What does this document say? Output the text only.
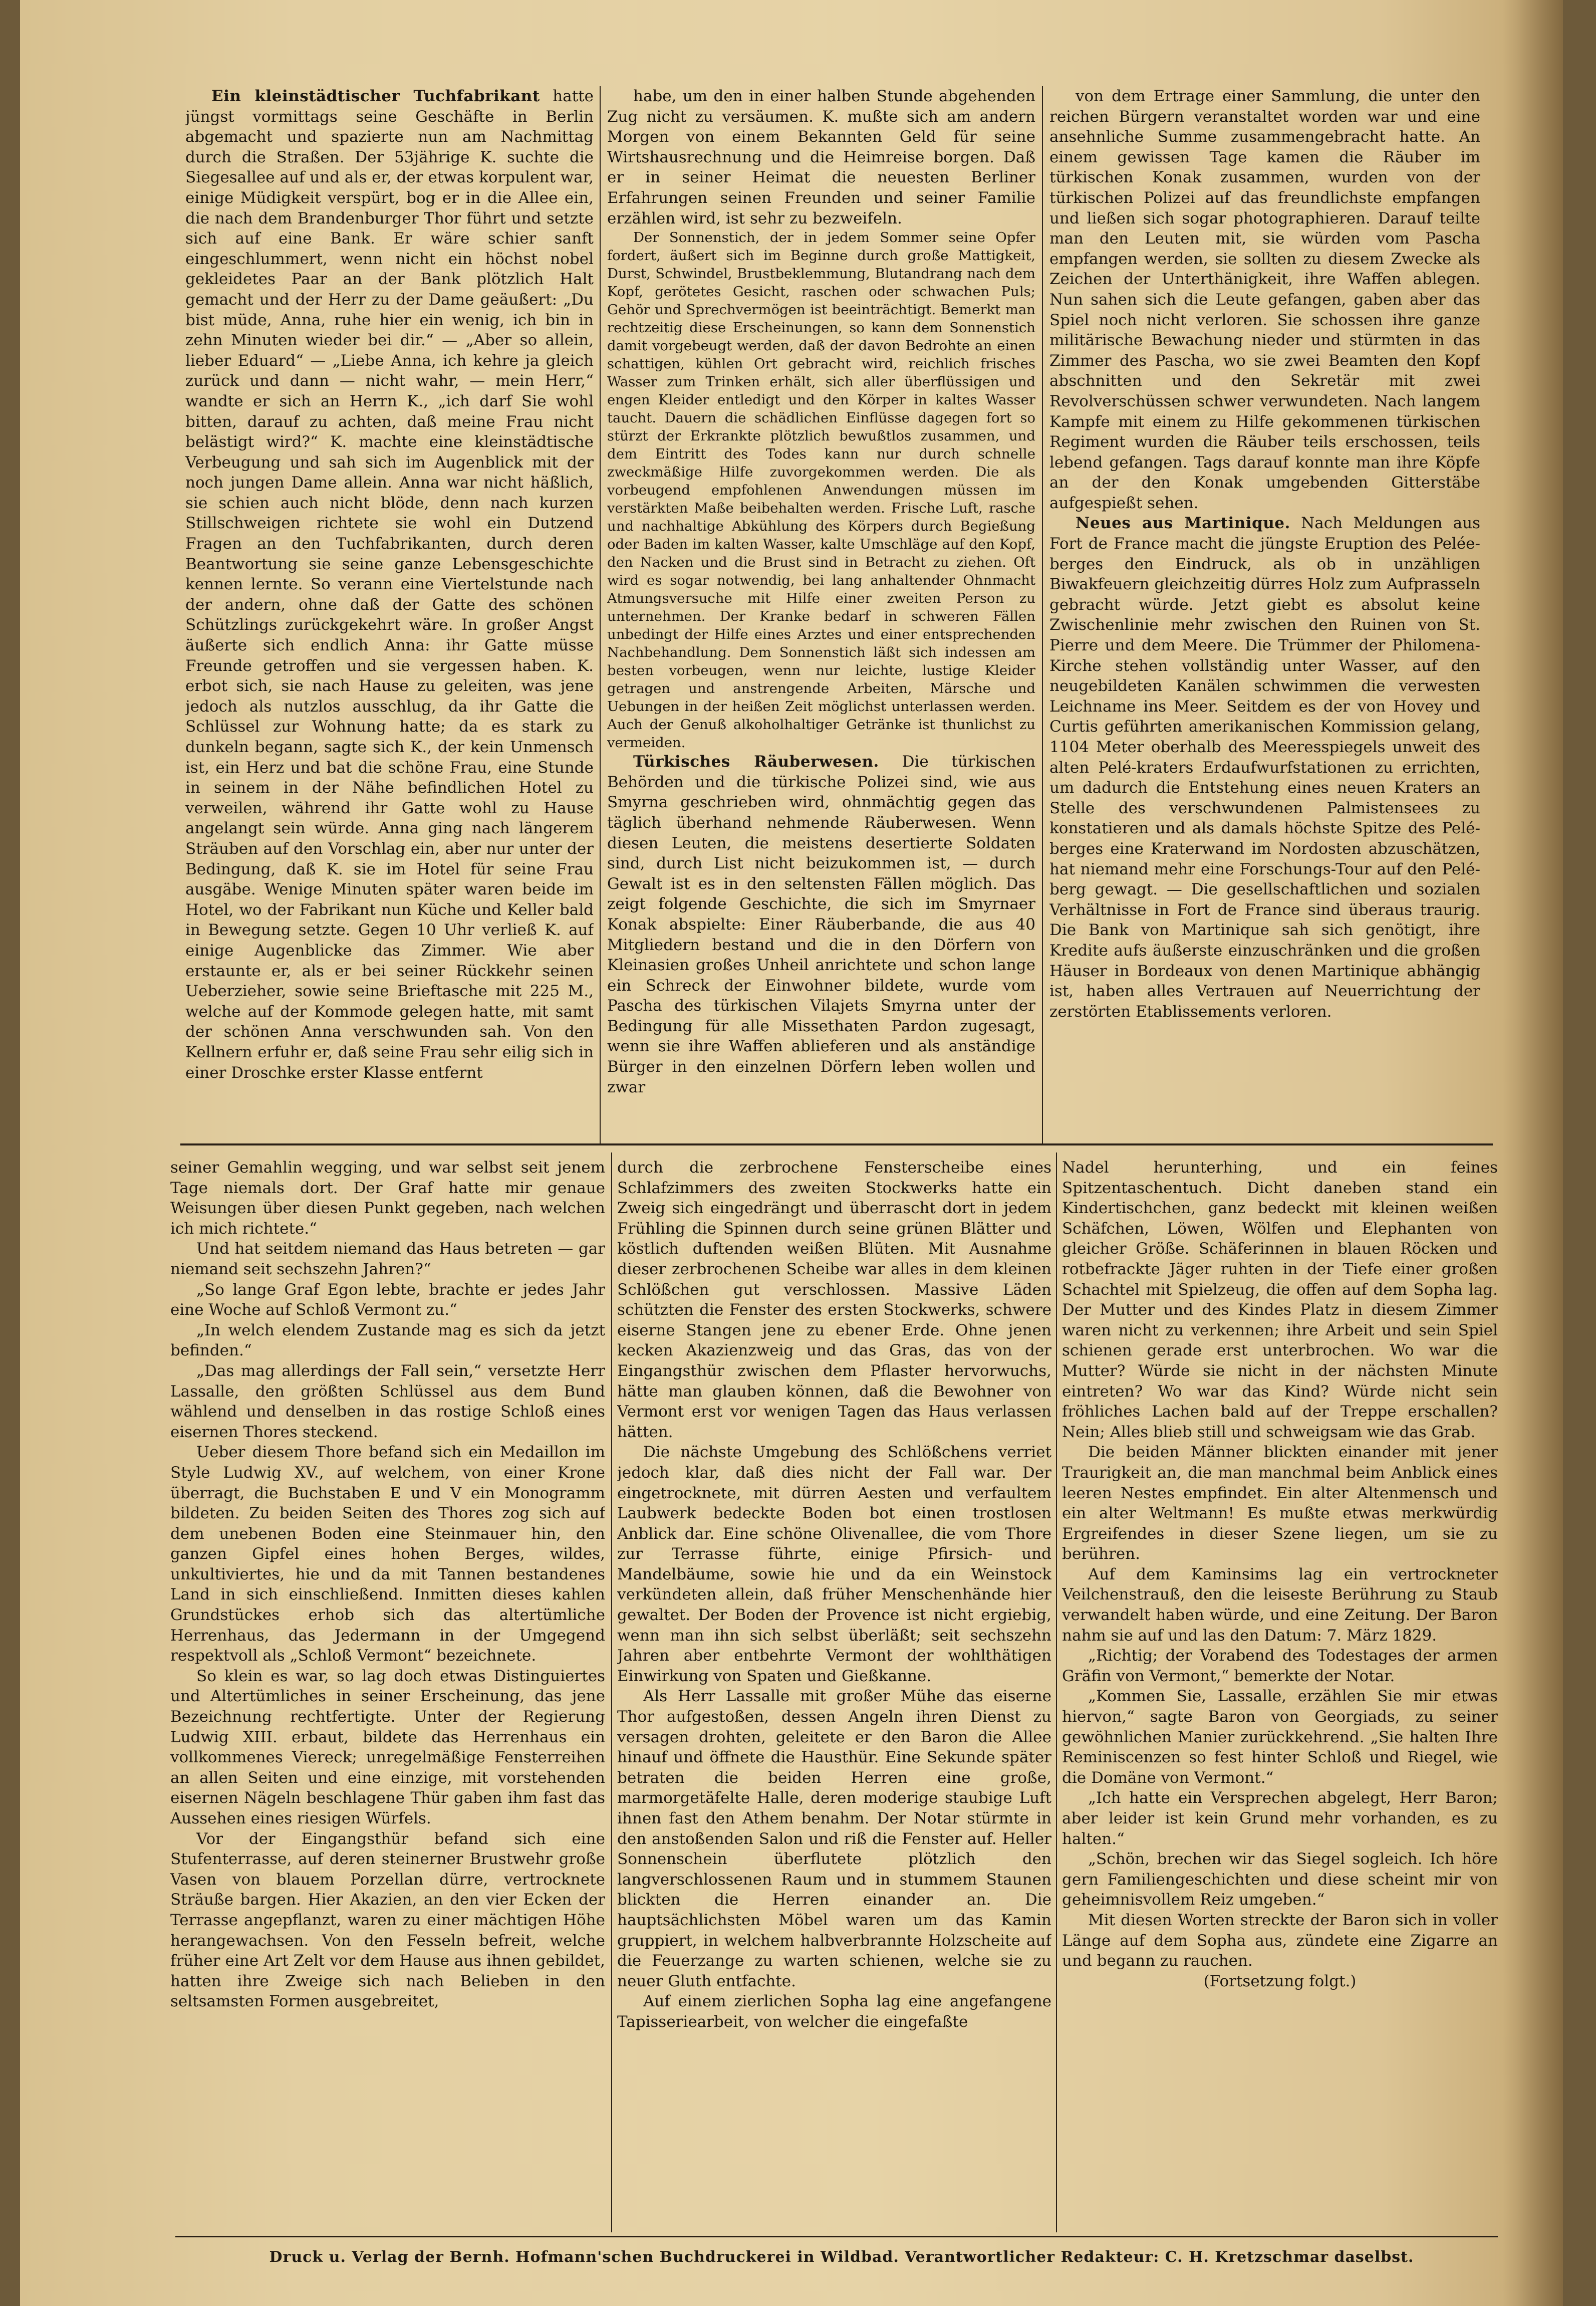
Ein kleinstädtischer Tuchfabrikant hatte jüngst vormittags seine Geschäfte in Berlin abgemacht und spazierte nun am Nachmittag durch die Straßen. Der 53jährige K. suchte die Siegesallee auf und als er, der etwas korpulent war, einige Müdigkeit verspürt, bog er in die Allee ein, die nach dem Brandenburger Thor führt und setzte sich auf eine Bank. Er wäre schier sanft eingeschlummert, wenn nicht ein höchst nobel gekleidetes Paar an der Bank plötzlich Halt gemacht und der Herr zu der Dame geäußert: „Du bist müde, Anna, ruhe hier ein wenig, ich bin in zehn Minuten wieder bei dir.“ — „Aber so allein, lieber Eduard“ — „Liebe Anna, ich kehre ja gleich zurück und dann — nicht wahr, — mein Herr,“ wandte er sich an Herrn K., „ich darf Sie wohl bitten, darauf zu achten, daß meine Frau nicht belästigt wird?“ K. machte eine kleinstädtische Verbeugung und sah sich im Augenblick mit der noch jungen Dame allein. Anna war nicht häßlich, sie schien auch nicht blöde, denn nach kurzen Stillschweigen richtete sie wohl ein Dutzend Fragen an den Tuchfabrikanten, durch deren Beantwortung sie seine ganze Lebensgeschichte kennen lernte. So verann eine Viertelstunde nach der andern, ohne daß der Gatte des schönen Schützlings zurückgekehrt wäre. In großer Angst äußerte sich endlich Anna: ihr Gatte müsse Freunde getroffen und sie vergessen haben. K. erbot sich, sie nach Hause zu geleiten, was jene jedoch als nutzlos ausschlug, da ihr Gatte die Schlüssel zur Wohnung hatte; da es stark zu dunkeln begann, sagte sich K., der kein Unmensch ist, ein Herz und bat die schöne Frau, eine Stunde in seinem in der Nähe befindlichen Hotel zu verweilen, während ihr Gatte wohl zu Hause angelangt sein würde. Anna ging nach längerem Sträuben auf den Vorschlag ein, aber nur unter der Bedingung, daß K. sie im Hotel für seine Frau ausgäbe. Wenige Minuten später waren beide im Hotel, wo der Fabrikant nun Küche und Keller bald in Bewegung setzte. Gegen 10 Uhr verließ K. auf einige Augenblicke das Zimmer. Wie aber erstaunte er, als er bei seiner Rückkehr seinen Ueberzieher, sowie seine Brieftasche mit 225 M., welche auf der Kommode gelegen hatte, mit samt der schönen Anna verschwunden sah. Von den Kellnern erfuhr er, daß seine Frau sehr eilig sich in einer Droschke erster Klasse entfernt

habe, um den in einer halben Stunde abgehenden Zug nicht zu versäumen. K. mußte sich am andern Morgen von einem Bekannten Geld für seine Wirtshausrechnung und die Heimreise borgen. Daß er in seiner Heimat die neuesten Berliner Erfahrungen seinen Freunden und seiner Familie erzählen wird, ist sehr zu bezweifeln.

Der Sonnenstich, der in jedem Sommer seine Opfer fordert, äußert sich im Beginne durch große Mattigkeit, Durst, Schwindel, Brustbeklemmung, Blutandrang nach dem Kopf, gerötetes Gesicht, raschen oder schwachen Puls; Gehör und Sprechvermögen ist beeinträchtigt. Bemerkt man rechtzeitig diese Erscheinungen, so kann dem Sonnenstich damit vorgebeugt werden, daß der davon Bedrohte an einen schattigen, kühlen Ort gebracht wird, reichlich frisches Wasser zum Trinken erhält, sich aller überflüssigen und engen Kleider entledigt und den Körper in kaltes Wasser taucht. Dauern die schädlichen Einflüsse dagegen fort so stürzt der Erkrankte plötzlich bewußtlos zusammen, und dem Eintritt des Todes kann nur durch schnelle zweckmäßige Hilfe zuvorgekommen werden. Die als vorbeugend empfohlenen Anwendungen müssen im verstärkten Maße beibehalten werden. Frische Luft, rasche und nachhaltige Abkühlung des Körpers durch Begießung oder Baden im kalten Wasser, kalte Umschläge auf den Kopf, den Nacken und die Brust sind in Betracht zu ziehen. Oft wird es sogar notwendig, bei lang anhaltender Ohnmacht Atmungsversuche mit Hilfe einer zweiten Person zu unternehmen. Der Kranke bedarf in schweren Fällen unbedingt der Hilfe eines Arztes und einer entsprechenden Nachbehandlung. Dem Sonnenstich läßt sich indessen am besten vorbeugen, wenn nur leichte, lustige Kleider getragen und anstrengende Arbeiten, Märsche und Uebungen in der heißen Zeit möglichst unterlassen werden. Auch der Genuß alkoholhaltiger Getränke ist thunlichst zu vermeiden.

Türkisches Räuberwesen. Die türkischen Behörden und die türkische Polizei sind, wie aus Smyrna geschrieben wird, ohnmächtig gegen das täglich überhand nehmende Räuberwesen. Wenn diesen Leuten, die meistens desertierte Soldaten sind, durch List nicht beizukommen ist, — durch Gewalt ist es in den seltensten Fällen möglich. Das zeigt folgende Geschichte, die sich im Smyrnaer Konak abspielte: Einer Räuberbande, die aus 40 Mitgliedern bestand und die in den Dörfern von Kleinasien großes Unheil anrichtete und schon lange ein Schreck der Einwohner bildete, wurde vom Pascha des türkischen Vilajets Smyrna unter der Bedingung für alle Missethaten Pardon zugesagt, wenn sie ihre Waffen ablieferen und als anständige Bürger in den einzelnen Dörfern leben wollen und zwar

von dem Ertrage einer Sammlung, die unter den reichen Bürgern veranstaltet worden war und eine ansehnliche Summe zusammengebracht hatte. An einem gewissen Tage kamen die Räuber im türkischen Konak zusammen, wurden von der türkischen Polizei auf das freundlichste empfangen und ließen sich sogar photographieren. Darauf teilte man den Leuten mit, sie würden vom Pascha empfangen werden, sie sollten zu diesem Zwecke als Zeichen der Unterthänigkeit, ihre Waffen ablegen. Nun sahen sich die Leute gefangen, gaben aber das Spiel noch nicht verloren. Sie schossen ihre ganze militärische Bewachung nieder und stürmten in das Zimmer des Pascha, wo sie zwei Beamten den Kopf abschnitten und den Sekretär mit zwei Revolverschüssen schwer verwundeten. Nach langem Kampfe mit einem zu Hilfe gekommenen türkischen Regiment wurden die Räuber teils erschossen, teils lebend gefangen. Tags darauf konnte man ihre Köpfe an der den Konak umgebenden Gitterstäbe aufgespießt sehen.

Neues aus Martinique. Nach Meldungen aus Fort de France macht die jüngste Eruption des Pelée-berges den Eindruck, als ob in unzähligen Biwakfeuern gleichzeitig dürres Holz zum Aufprasseln gebracht würde. Jetzt giebt es absolut keine Zwischenlinie mehr zwischen den Ruinen von St. Pierre und dem Meere. Die Trümmer der Philomena-Kirche stehen vollständig unter Wasser, auf den neugebildeten Kanälen schwimmen die verwesten Leichname ins Meer. Seitdem es der von Hovey und Curtis geführten amerikanischen Kommission gelang, 1104 Meter oberhalb des Meeresspiegels unweit des alten Pelé-kraters Erdaufwurfstationen zu errichten, um dadurch die Entstehung eines neuen Kraters an Stelle des verschwundenen Palmistensees zu konstatieren und als damals höchste Spitze des Pelé-berges eine Kraterwand im Nordosten abzuschätzen, hat niemand mehr eine Forschungs-Tour auf den Pelé-berg gewagt. — Die gesellschaftlichen und sozialen Verhältnisse in Fort de France sind überaus traurig. Die Bank von Martinique sah sich genötigt, ihre Kredite aufs äußerste einzuschränken und die großen Häuser in Bordeaux von denen Martinique abhängig ist, haben alles Vertrauen auf Neuerrichtung der zerstörten Etablissements verloren.

seiner Gemahlin wegging, und war selbst seit jenem Tage niemals dort. Der Graf hatte mir genaue Weisungen über diesen Punkt gegeben, nach welchen ich mich richtete.“

Und hat seitdem niemand das Haus betreten — gar niemand seit sechszehn Jahren?“

„So lange Graf Egon lebte, brachte er jedes Jahr eine Woche auf Schloß Vermont zu.“

„In welch elendem Zustande mag es sich da jetzt befinden.“

„Das mag allerdings der Fall sein,“ versetzte Herr Lassalle, den größten Schlüssel aus dem Bund wählend und denselben in das rostige Schloß eines eisernen Thores steckend.

Ueber diesem Thore befand sich ein Medaillon im Style Ludwig XV., auf welchem, von einer Krone überragt, die Buchstaben E und V ein Monogramm bildeten. Zu beiden Seiten des Thores zog sich auf dem unebenen Boden eine Steinmauer hin, den ganzen Gipfel eines hohen Berges, wildes, unkultiviertes, hie und da mit Tannen bestandenes Land in sich einschließend. Inmitten dieses kahlen Grundstückes erhob sich das altertümliche Herrenhaus, das Jedermann in der Umgegend respektvoll als „Schloß Vermont“ bezeichnete.

So klein es war, so lag doch etwas Distinguiertes und Altertümliches in seiner Erscheinung, das jene Bezeichnung rechtfertigte. Unter der Regierung Ludwig XIII. erbaut, bildete das Herrenhaus ein vollkommenes Viereck; unregelmäßige Fensterreihen an allen Seiten und eine einzige, mit vorstehenden eisernen Nägeln beschlagene Thür gaben ihm fast das Aussehen eines riesigen Würfels.

Vor der Eingangsthür befand sich eine Stufenterrasse, auf deren steinerner Brustwehr große Vasen von blauem Porzellan dürre, vertrocknete Sträuße bargen. Hier Akazien, an den vier Ecken der Terrasse angepflanzt, waren zu einer mächtigen Höhe herangewachsen. Von den Fesseln befreit, welche früher eine Art Zelt vor dem Hause aus ihnen gebildet, hatten ihre Zweige sich nach Belieben in den seltsamsten Formen ausgebreitet,

durch die zerbrochene Fensterscheibe eines Schlafzimmers des zweiten Stockwerks hatte ein Zweig sich eingedrängt und überrascht dort in jedem Frühling die Spinnen durch seine grünen Blätter und köstlich duftenden weißen Blüten. Mit Ausnahme dieser zerbrochenen Scheibe war alles in dem kleinen Schlößchen gut verschlossen. Massive Läden schützten die Fenster des ersten Stockwerks, schwere eiserne Stangen jene zu ebener Erde. Ohne jenen kecken Akazienzweig und das Gras, das von der Eingangsthür zwischen dem Pflaster hervorwuchs, hätte man glauben können, daß die Bewohner von Vermont erst vor wenigen Tagen das Haus verlassen hätten.

Die nächste Umgebung des Schlößchens verriet jedoch klar, daß dies nicht der Fall war. Der eingetrocknete, mit dürren Aesten und verfaultem Laubwerk bedeckte Boden bot einen trostlosen Anblick dar. Eine schöne Olivenallee, die vom Thore zur Terrasse führte, einige Pfirsich- und Mandelbäume, sowie hie und da ein Weinstock verkündeten allein, daß früher Menschenhände hier gewaltet. Der Boden der Provence ist nicht ergiebig, wenn man ihn sich selbst überläßt; seit sechszehn Jahren aber entbehrte Vermont der wohlthätigen Einwirkung von Spaten und Gießkanne.

Als Herr Lassalle mit großer Mühe das eiserne Thor aufgestoßen, dessen Angeln ihren Dienst zu versagen drohten, geleitete er den Baron die Allee hinauf und öffnete die Hausthür. Eine Sekunde später betraten die beiden Herren eine große, marmorgetäfelte Halle, deren moderige staubige Luft ihnen fast den Athem benahm. Der Notar stürmte in den anstoßenden Salon und riß die Fenster auf. Heller Sonnenschein überflutete plötzlich den langverschlossenen Raum und in stummem Staunen blickten die Herren einander an. Die hauptsächlichsten Möbel waren um das Kamin gruppiert, in welchem halbverbrannte Holzscheite auf die Feuerzange zu warten schienen, welche sie zu neuer Gluth entfachte.

Auf einem zierlichen Sopha lag eine angefangene Tapisseriearbeit, von welcher die eingefaßte

Nadel herunterhing, und ein feines Spitzentaschentuch. Dicht daneben stand ein Kindertischchen, ganz bedeckt mit kleinen weißen Schäfchen, Löwen, Wölfen und Elephanten von gleicher Größe. Schäferinnen in blauen Röcken und rotbefrackte Jäger ruhten in der Tiefe einer großen Schachtel mit Spielzeug, die offen auf dem Sopha lag. Der Mutter und des Kindes Platz in diesem Zimmer waren nicht zu verkennen; ihre Arbeit und sein Spiel schienen gerade erst unterbrochen. Wo war die Mutter? Würde sie nicht in der nächsten Minute eintreten? Wo war das Kind? Würde nicht sein fröhliches Lachen bald auf der Treppe erschallen? Nein; Alles blieb still und schweigsam wie das Grab.

Die beiden Männer blickten einander mit jener Traurigkeit an, die man manchmal beim Anblick eines leeren Nestes empfindet. Ein alter Altenmensch und ein alter Weltmann! Es mußte etwas merkwürdig Ergreifendes in dieser Szene liegen, um sie zu berühren.

Auf dem Kaminsims lag ein vertrockneter Veilchenstrauß, den die leiseste Berührung zu Staub verwandelt haben würde, und eine Zeitung. Der Baron nahm sie auf und las den Datum: 7. März 1829.

„Richtig; der Vorabend des Todestages der armen Gräfin von Vermont,“ bemerkte der Notar.

„Kommen Sie, Lassalle, erzählen Sie mir etwas hiervon,“ sagte Baron von Georgiads, zu seiner gewöhnlichen Manier zurückkehrend. „Sie halten Ihre Reminiscenzen so fest hinter Schloß und Riegel, wie die Domäne von Vermont.“

„Ich hatte ein Versprechen abgelegt, Herr Baron; aber leider ist kein Grund mehr vorhanden, es zu halten.“

„Schön, brechen wir das Siegel sogleich. Ich höre gern Familiengeschichten und diese scheint mir von geheimnisvollem Reiz umgeben.“

Mit diesen Worten streckte der Baron sich in voller Länge auf dem Sopha aus, zündete eine Zigarre an und begann zu rauchen.

(Fortsetzung folgt.)

Druck u. Verlag der Bernh. Hofmann'schen Buchdruckerei in Wildbad. Verantwortlicher Redakteur: C. H. Kretzschmar daselbst.
